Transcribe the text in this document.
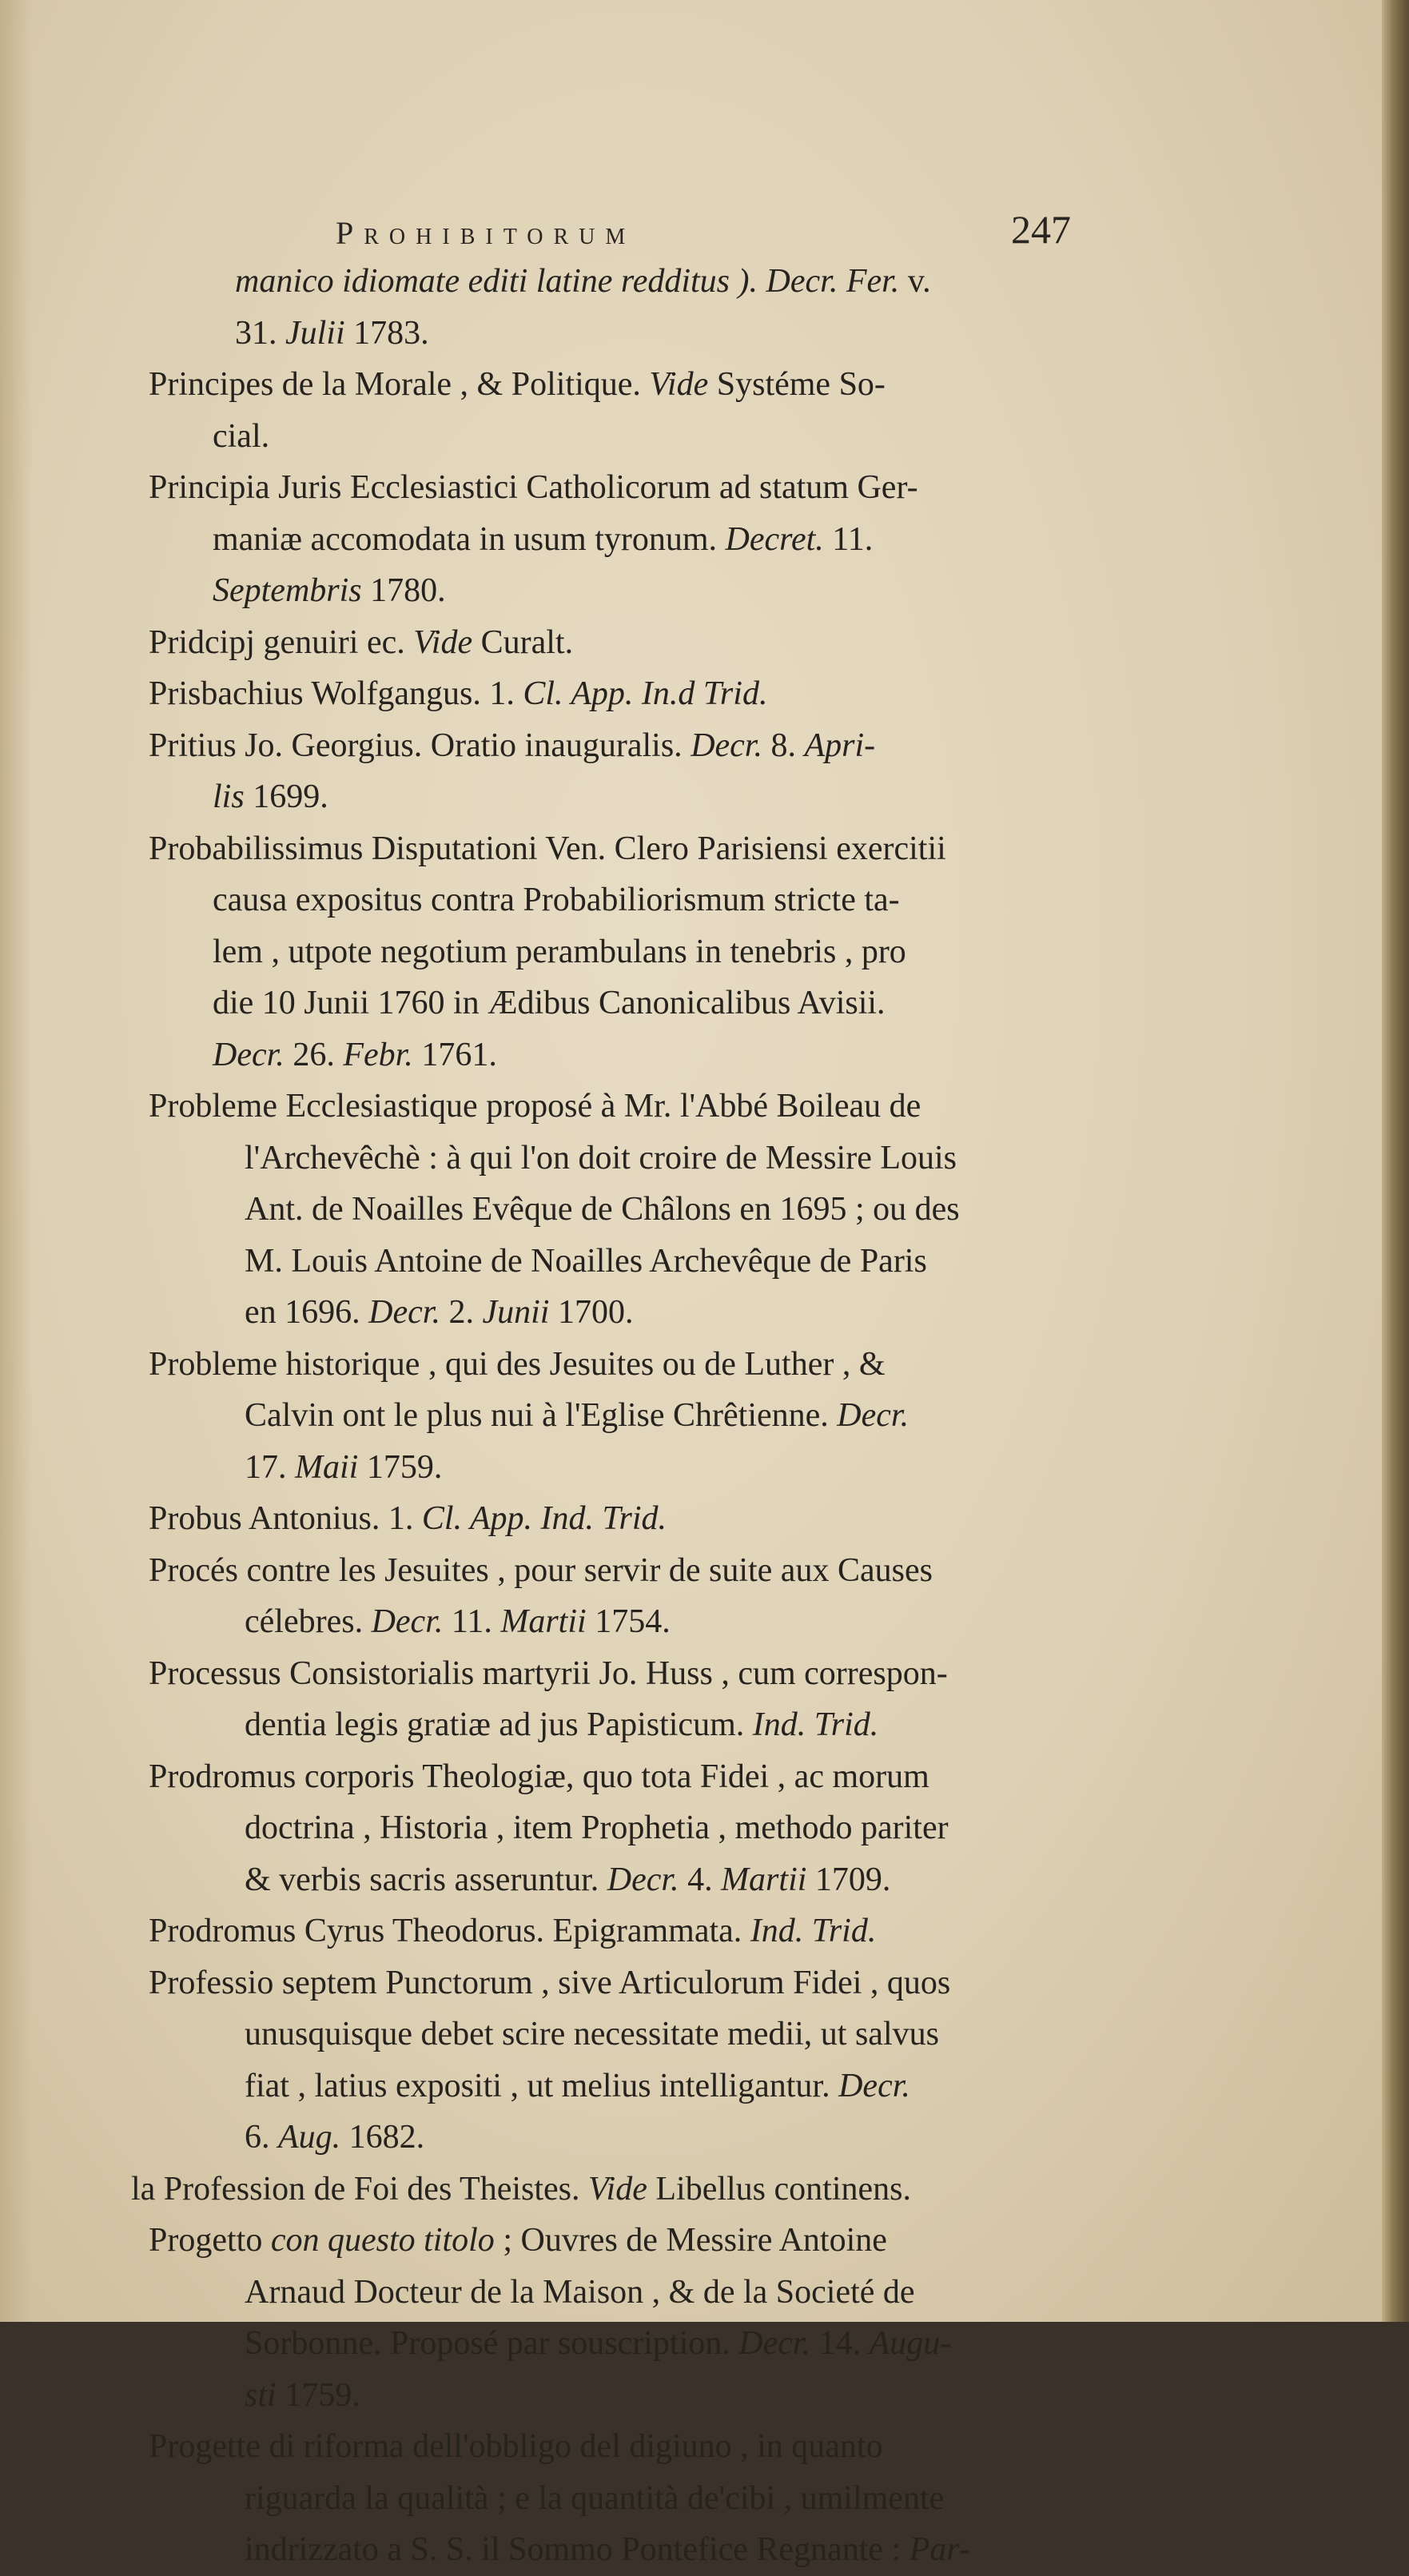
Prohibitorum	247
manico idiomate editi latine redditus ). Decr. Fer. v.
31. Julii 1783.
Principes de la Morale , & Politique. Vide Systéme So-
cial.
Principia Juris Ecclesiastici Catholicorum ad statum Ger-
maniæ accomodata in usum tyronum. Decret. 11.
Septembris 1780.
Pridcipj genuiri ec. Vide Curalt.
Prisbachius Wolfgangus. 1. Cl. App. In.d Trid.
Pritius Jo. Georgius. Oratio inauguralis. Decr. 8. Apri-
lis 1699.
Probabilissimus Disputationi Ven. Clero Parisiensi exercitii
causa expositus contra Probabiliorismum stricte ta-
lem , utpote negotium perambulans in tenebris , pro
die 10 Junii 1760 in Ædibus Canonicalibus Avisii.
Decr. 26. Febr. 1761.
Probleme Ecclesiastique proposé à Mr. l'Abbé Boileau de
l'Archevêchè : à qui l'on doit croire de Messire Louis
Ant. de Noailles Evêque de Châlons en 1695 ; ou des
M. Louis Antoine de Noailles Archevêque de Paris
en 1696. Decr. 2. Junii 1700.
Probleme historique , qui des Jesuites ou de Luther , &
Calvin ont le plus nui à l'Eglise Chrêtienne. Decr.
17. Maii 1759.
Probus Antonius. 1. Cl. App. Ind. Trid.
Procés contre les Jesuites , pour servir de suite aux Causes
célebres. Decr. 11. Martii 1754.
Processus Consistorialis martyrii Jo. Huss , cum correspon-
dentia legis gratiæ ad jus Papisticum. Ind. Trid.
Prodromus corporis Theologiæ, quo tota Fidei , ac morum
doctrina , Historia , item Prophetia , methodo pariter
& verbis sacris asseruntur. Decr. 4. Martii 1709.
Prodromus Cyrus Theodorus. Epigrammata. Ind. Trid.
Professio septem Punctorum , sive Articulorum Fidei , quos
unusquisque debet scire necessitate medii, ut salvus
fiat , latius expositi , ut melius intelligantur. Decr.
6. Aug. 1682.
la Profession de Foi des Theistes. Vide Libellus continens.
Progetto con questo titolo ; Ouvres de Messire Antoine
Arnaud Docteur de la Maison , & de la Societé de
Sorbonne. Proposé par souscription. Decr. 14. Augu-
sti 1759.
Progette di riforma dell'obbligo del digiuno , in quanto
riguarda la qualità ; e la quantità de'cibi , umilmente
indrizzato a S. S. il Sommo Pontefice Regnante : Par-
